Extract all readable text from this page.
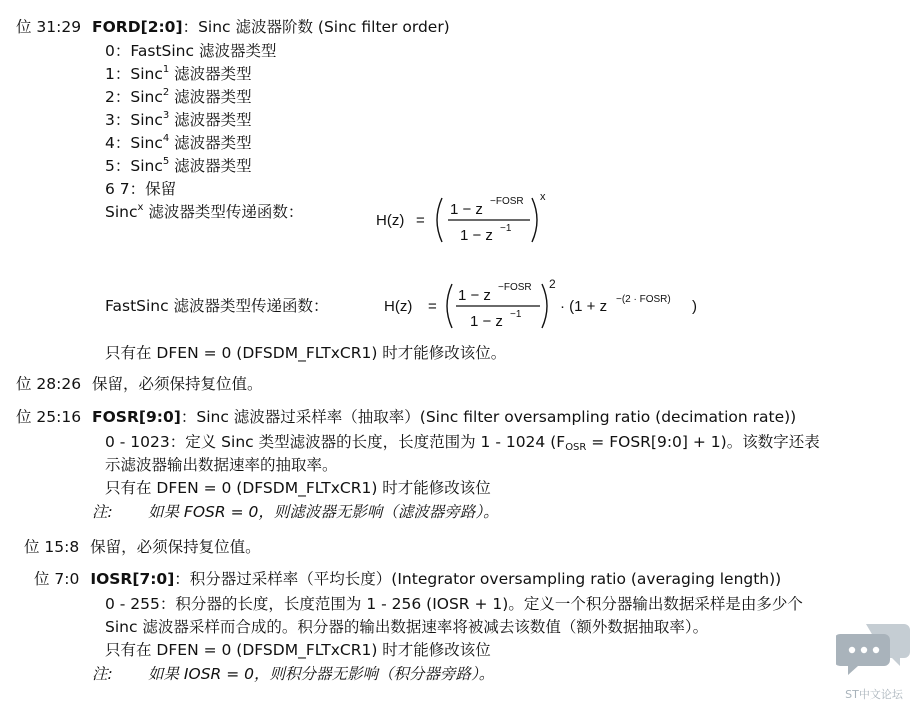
位 31:29 FORD[2:0]：Sinc 滤波器阶数 (Sinc filter order)
0：FastSinc 滤波器类型
1：Sinc$^1$ 滤波器类型
2：Sinc$^2$ 滤波器类型
3：Sinc$^3$ 滤波器类型
4：Sinc$^4$ 滤波器类型
5：Sinc$^5$ 滤波器类型
6 7：保留
Sinc$^x$ 滤波器类型传递函数：	H(z) =
1 − z −FOSR
1 − z −1
x
FastSinc 滤波器类型传递函数：	H(z) =
1 − z −FOSR
1 − z −1
2
· (1 + z −(2 · FOSR) )
只有在 DFEN = 0 (DFSDM_FLTxCR1) 时才能修改该位。
位 28:26 保留，必须保持复位值。
位 25:16 FOSR[9:0]：Sinc 滤波器过采样率（抽取率）(Sinc filter oversampling ratio (decimation rate))
0 - 1023：定义 Sinc 类型滤波器的长度，长度范围为 1 - 1024 ($F_{OSR}$ = FOSR[9:0] + 1)。该数字还表
示滤波器输出数据速率的抽取率。
只有在 DFEN = 0 (DFSDM_FLTxCR1) 时才能修改该位
注: 如果 FOSR = 0，则滤波器无影响（滤波器旁路）。
位 15:8 保留，必须保持复位值。
位 7:0 IOSR[7:0]：积分器过采样率（平均长度）(Integrator oversampling ratio (averaging length))
0 - 255：积分器的长度，长度范围为 1 - 256 (IOSR + 1)。定义一个积分器输出数据采样是由多少个
Sinc 滤波器采样而合成的。积分器的输出数据速率将被减去该数值（额外数据抽取率）。
只有在 DFEN = 0 (DFSDM_FLTxCR1) 时才能修改该位
注: 如果 IOSR = 0，则积分器无影响（积分器旁路）。
ST中文论坛
